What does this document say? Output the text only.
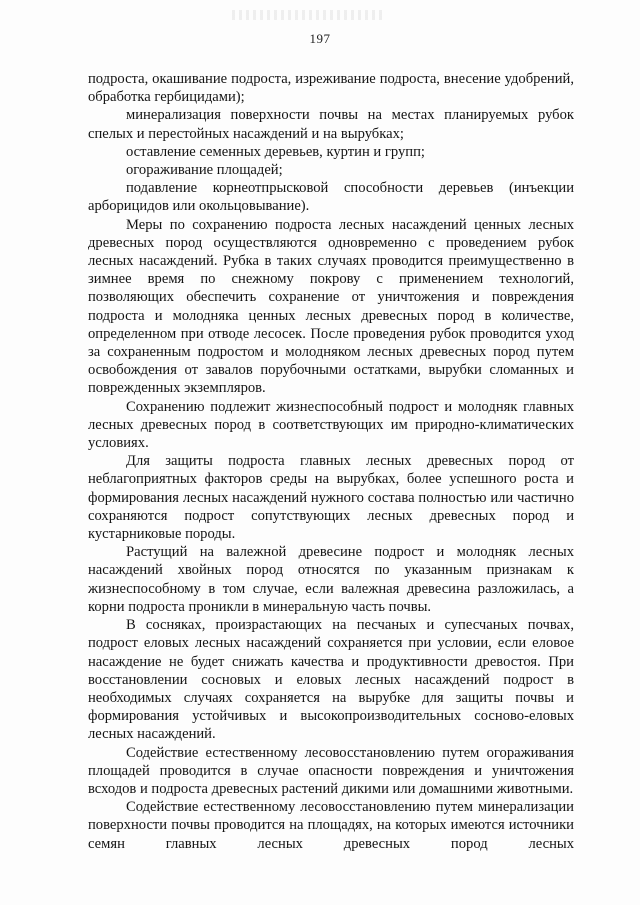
197

подроста, окашивание подроста, изреживание подроста, внесение удобрений, обработка гербицидами);

минерализация поверхности почвы на местах планируемых рубок спелых и перестойных насаждений и на вырубках;

оставление семенных деревьев, куртин и групп;

огораживание площадей;

подавление корнеотпрысковой способности деревьев (инъекции арборицидов или окольцовывание).

Меры по сохранению подроста лесных насаждений ценных лесных древесных пород осуществляются одновременно с проведением рубок лесных насаждений. Рубка в таких случаях проводится преимущественно в зимнее время по снежному покрову с применением технологий, позволяющих обеспечить сохранение от уничтожения и повреждения подроста и молодняка ценных лесных древесных пород в количестве, определенном при отводе лесосек. После проведения рубок проводится уход за сохраненным подростом и молодняком лесных древесных пород путем освобождения от завалов порубочными остатками, вырубки сломанных и поврежденных экземпляров.

Сохранению подлежит жизнеспособный подрост и молодняк главных лесных древесных пород в соответствующих им природно-климатических условиях.

Для защиты подроста главных лесных древесных пород от неблагоприятных факторов среды на вырубках, более успешного роста и формирования лесных насаждений нужного состава полностью или частично сохраняются подрост сопутствующих лесных древесных пород и кустарниковые породы.

Растущий на валежной древесине подрост и молодняк лесных насаждений хвойных пород относятся по указанным признакам к жизнеспособному в том случае, если валежная древесина разложилась, а корни подроста проникли в минеральную часть почвы.

В сосняках, произрастающих на песчаных и супесчаных почвах, подрост еловых лесных насаждений сохраняется при условии, если еловое насаждение не будет снижать качества и продуктивности древостоя. При восстановлении сосновых и еловых лесных насаждений подрост в необходимых случаях сохраняется на вырубке для защиты почвы и формирования устойчивых и высокопроизводительных сосново-еловых лесных насаждений.

Содействие естественному лесовосстановлению путем огораживания площадей проводится в случае опасности повреждения и уничтожения всходов и подроста древесных растений дикими или домашними животными.

Содействие естественному лесовосстановлению путем минерализации поверхности почвы проводится на площадях, на которых имеются источники семян главных лесных древесных пород лесных
